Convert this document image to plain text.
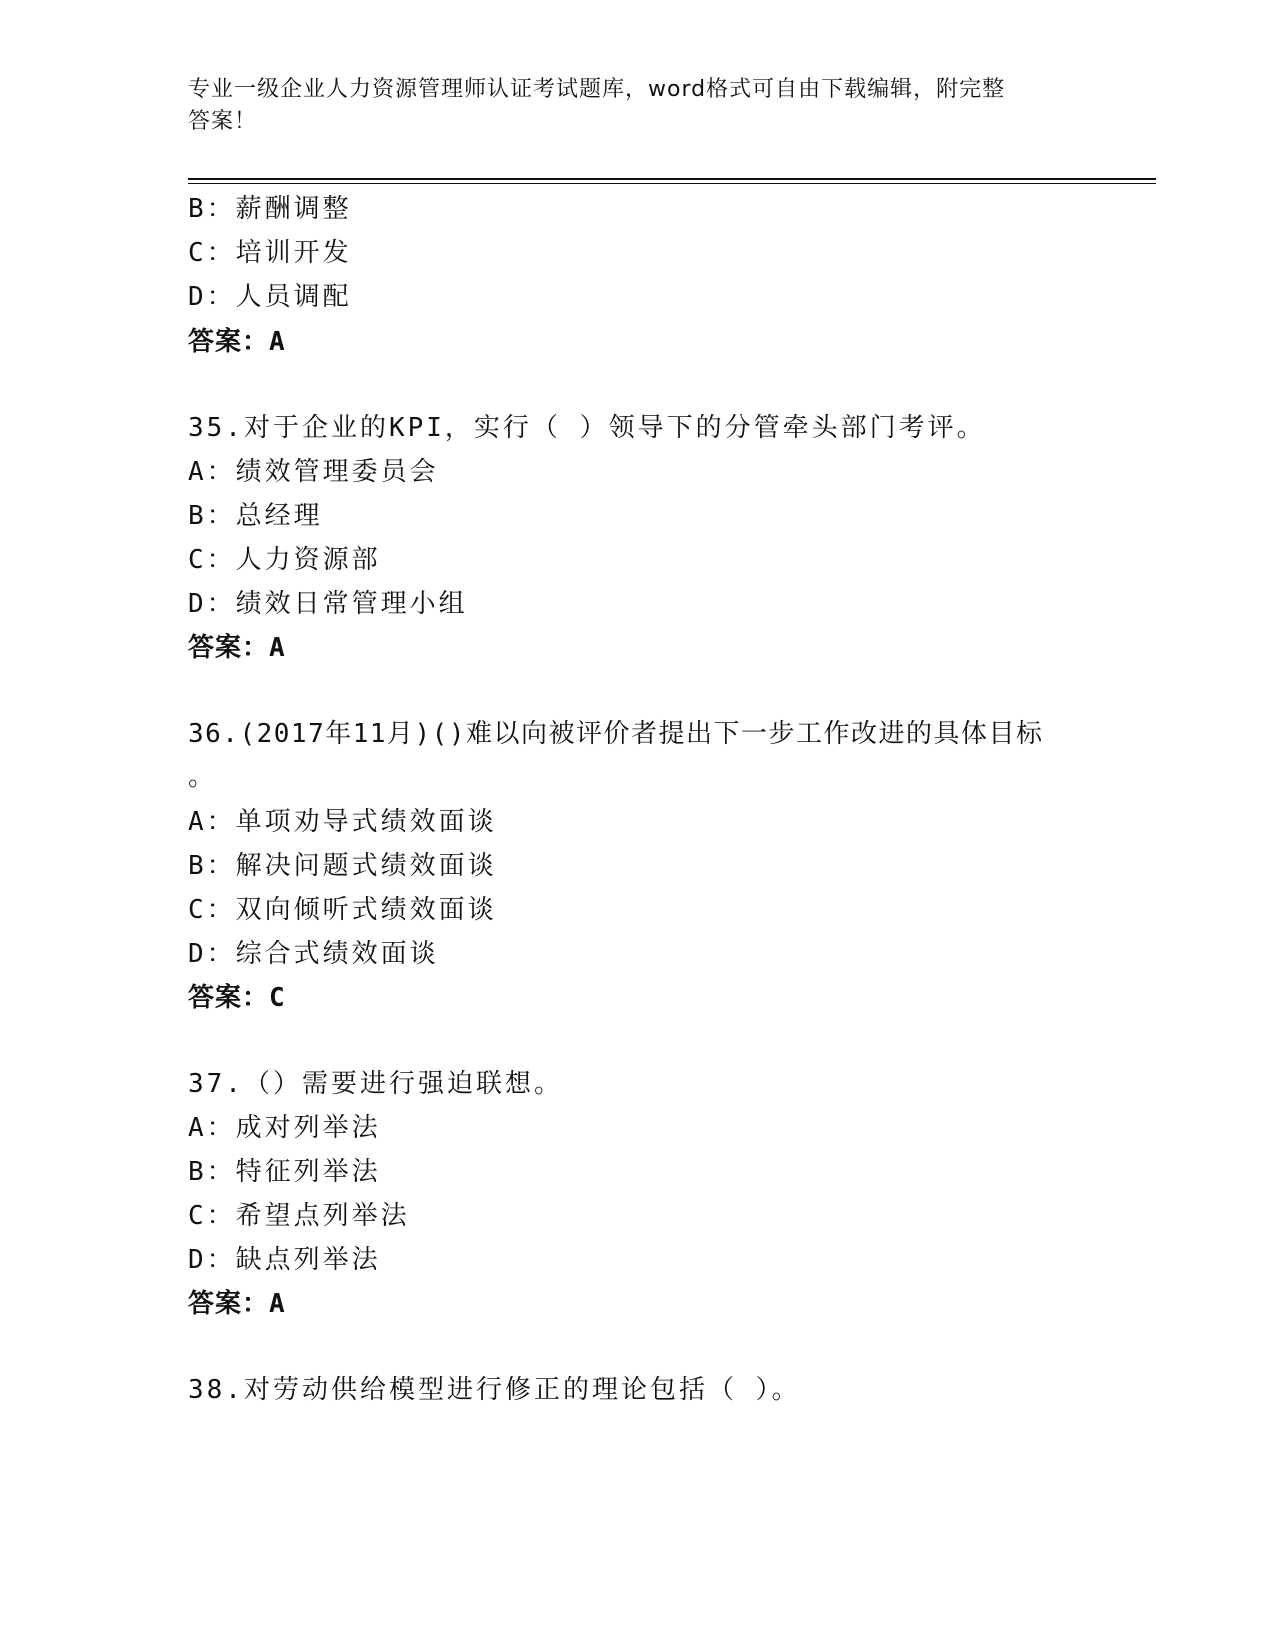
专业一级企业人力资源管理师认证考试题库，word格式可自由下载编辑，附完整
答案！
B：薪酬调整
C：培训开发
D：人员调配
答案：A
35.对于企业的KPI，实行（ ）领导下的分管牵头部门考评。
A：绩效管理委员会
B：总经理
C：人力资源部
D：绩效日常管理小组
答案：A
36.(2017年11月)()难以向被评价者提出下一步工作改进的具体目标
。
A：单项劝导式绩效面谈
B：解决问题式绩效面谈
C：双向倾听式绩效面谈
D：综合式绩效面谈
答案：C
37.（）需要进行强迫联想。
A：成对列举法
B：特征列举法
C：希望点列举法
D：缺点列举法
答案：A
38.对劳动供给模型进行修正的理论包括（ ）。
